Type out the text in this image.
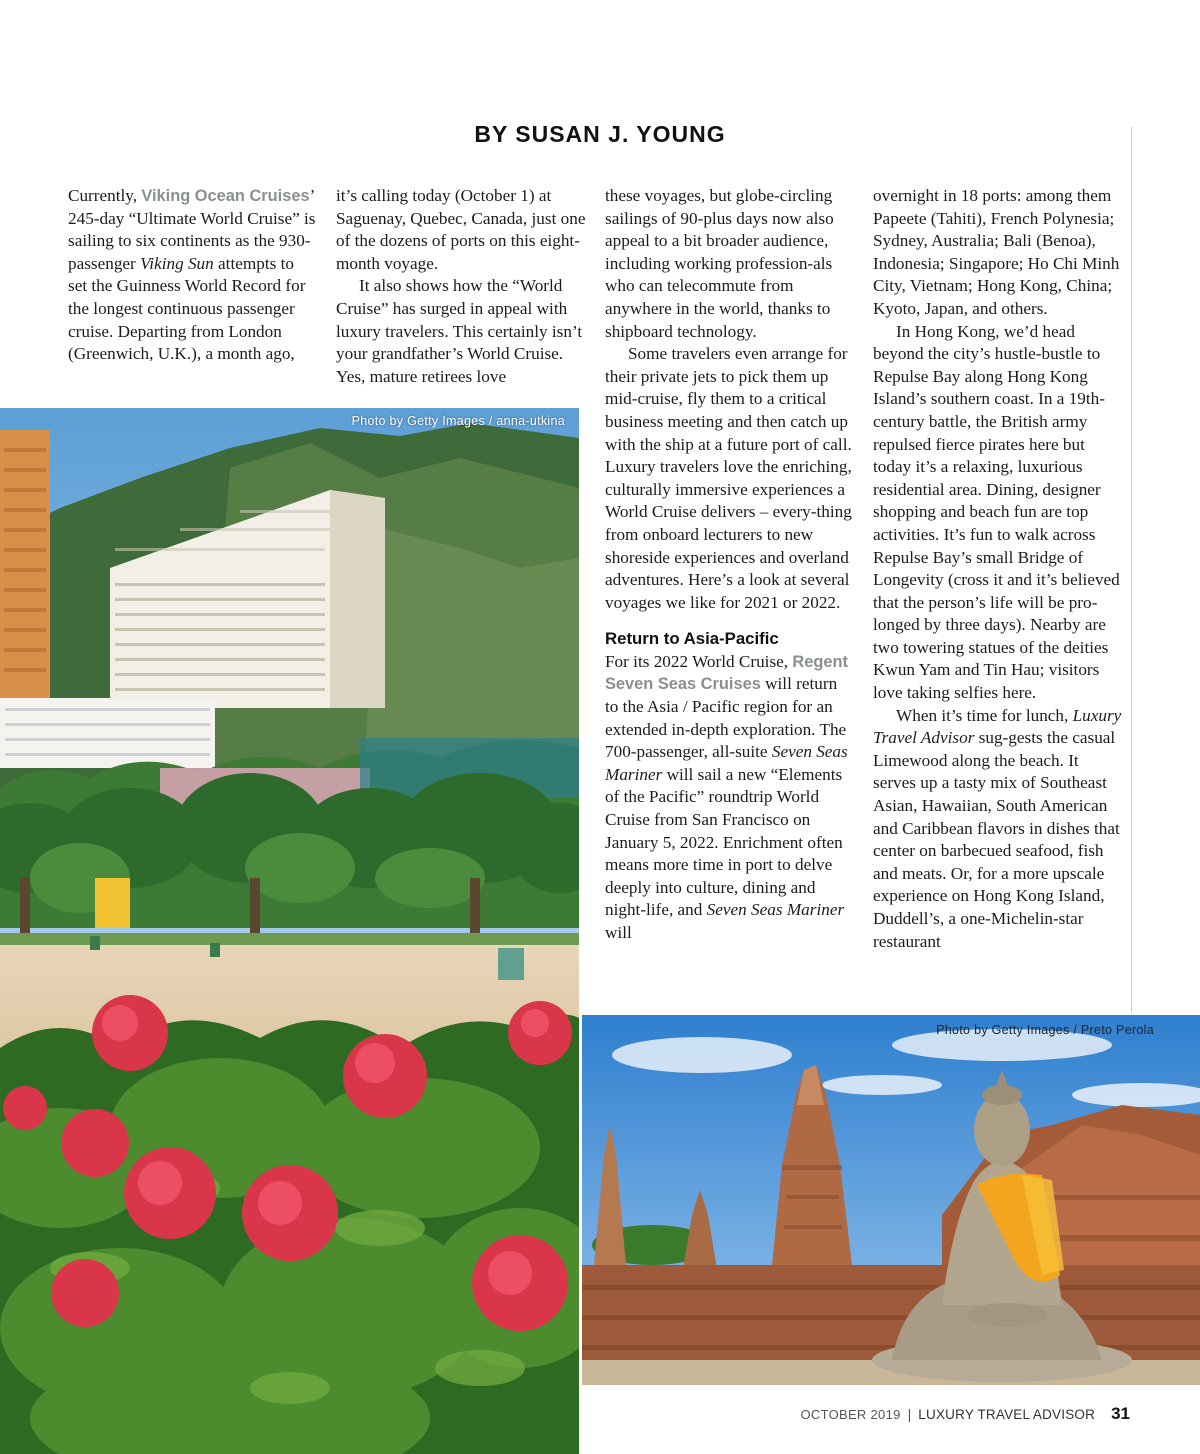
BY SUSAN J. YOUNG

Currently, Viking Ocean Cruises’ 245-day “Ultimate World Cruise” is sailing to six continents as the 930-passenger Viking Sun attempts to set the Guinness World Record for the longest continuous passenger cruise. Departing from London (Greenwich, U.K.), a month ago,

it’s calling today (October 1) at Saguenay, Quebec, Canada, just one of the dozens of ports on this eight-month voyage.

It also shows how the “World Cruise” has surged in appeal with luxury travelers. This certainly isn’t your grandfather’s World Cruise. Yes, mature retirees love

these voyages, but globe-circling sailings of 90-plus days now also appeal to a bit broader audience, including working profession-als who can telecommute from anywhere in the world, thanks to shipboard technology.

Some travelers even arrange for their private jets to pick them up mid-cruise, fly them to a critical business meeting and then catch up with the ship at a future port of call. Luxury travelers love the enriching, culturally immersive experiences a World Cruise delivers – every-thing from onboard lecturers to new shoreside experiences and overland adventures. Here’s a look at several voyages we like for 2021 or 2022.

Return to Asia-Pacific

For its 2022 World Cruise, Regent Seven Seas Cruises will return to the Asia / Pacific region for an extended in-depth exploration. The 700-passenger, all-suite Seven Seas Mariner will sail a new “Elements of the Pacific” roundtrip World Cruise from San Francisco on January 5, 2022. Enrichment often means more time in port to delve deeply into culture, dining and night-life, and Seven Seas Mariner will

overnight in 18 ports: among them Papeete (Tahiti), French Polynesia; Sydney, Australia; Bali (Benoa), Indonesia; Singapore; Ho Chi Minh City, Vietnam; Hong Kong, China; Kyoto, Japan, and others.

In Hong Kong, we’d head beyond the city’s hustle-bustle to Repulse Bay along Hong Kong Island’s southern coast. In a 19th-century battle, the British army repulsed fierce pirates here but today it’s a relaxing, luxurious residential area. Dining, designer shopping and beach fun are top activities. It’s fun to walk across Repulse Bay’s small Bridge of Longevity (cross it and it’s believed that the person’s life will be pro-longed by three days). Nearby are two towering statues of the deities Kwun Yam and Tin Hau; visitors love taking selfies here.

When it’s time for lunch, Luxury Travel Advisor sug-gests the casual Limewood along the beach. It serves up a tasty mix of Southeast Asian, Hawaiian, South American and Caribbean flavors in dishes that center on barbecued seafood, fish and meats. Or, for a more upscale experience on Hong Kong Island, Duddell’s, a one-Michelin-star restaurant

Photo by Getty Images / anna-utkina
Photo by Getty Images / Preto Perola
OCTOBER 2019 | LUXURY TRAVEL ADVISOR 31
